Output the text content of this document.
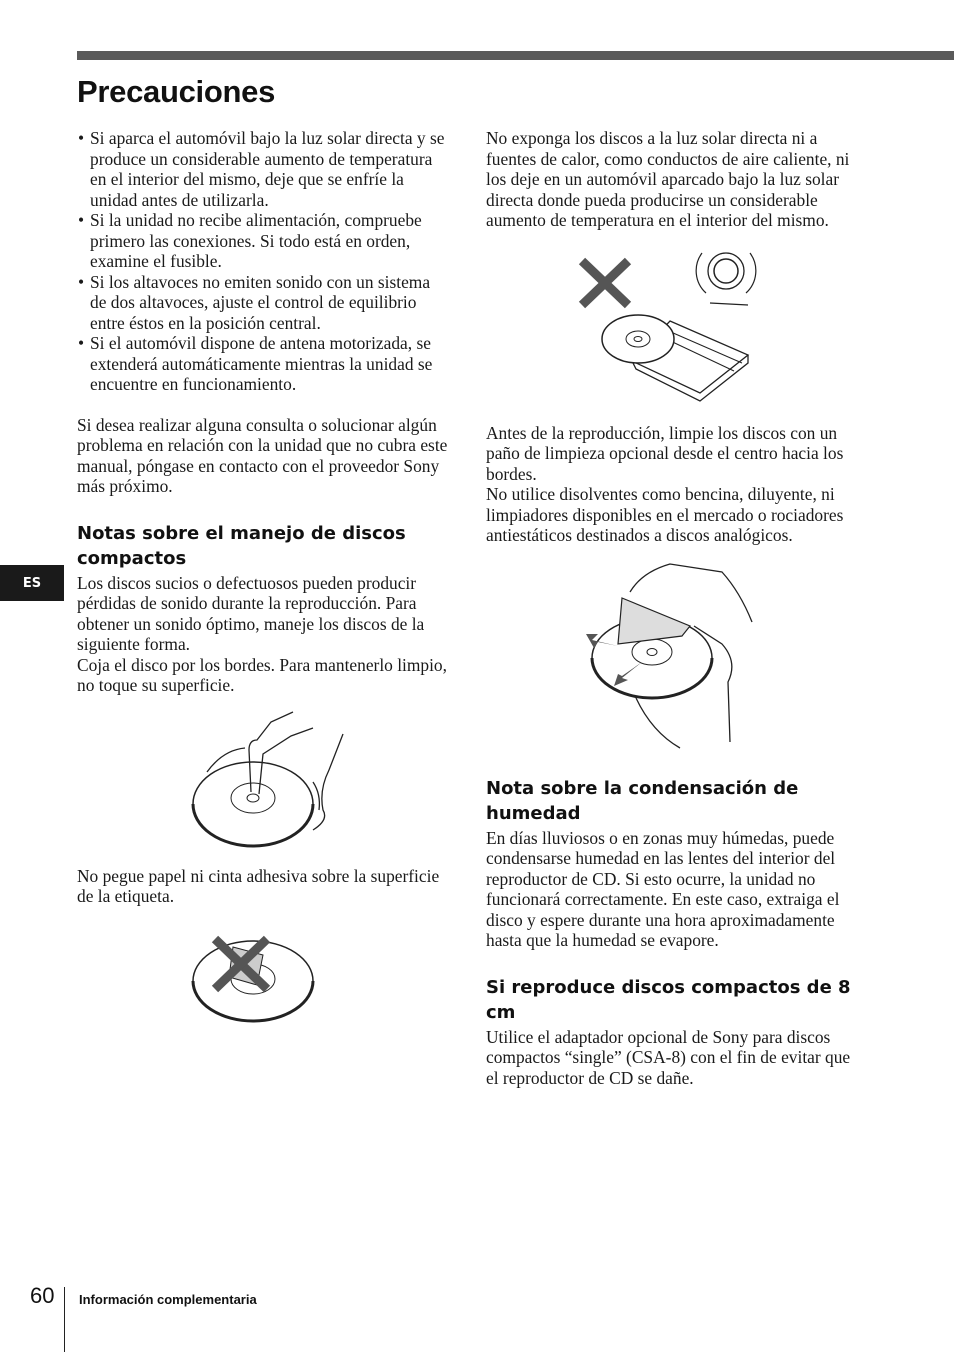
Precauciones
• Si aparca el automóvil bajo la luz solar directa y se produce un considerable aumento de temperatura en el interior del mismo, deje que se enfríe la unidad antes de utilizarla.
• Si la unidad no recibe alimentación, compruebe primero las conexiones. Si todo está en orden, examine el fusible.
• Si los altavoces no emiten sonido con un sistema de dos altavoces, ajuste el control de equilibrio entre éstos en la posición central.
• Si el automóvil dispone de antena motorizada, se extenderá automáticamente mientras la unidad se encuentre en funcionamiento.

Si desea realizar alguna consulta o solucionar algún problema en relación con la unidad que no cubra este manual, póngase en contacto con el proveedor Sony más próximo.

Notas sobre el manejo de discos compactos

Los discos sucios o defectuosos pueden producir pérdidas de sonido durante la reproducción. Para obtener un sonido óptimo, maneje los discos de la siguiente forma.

Coja el disco por los bordes. Para mantenerlo limpio, no toque su superficie.

No pegue papel ni cinta adhesiva sobre la superficie de la etiqueta.

No exponga los discos a la luz solar directa ni a fuentes de calor, como conductos de aire caliente, ni los deje en un automóvil aparcado bajo la luz solar directa donde pueda producirse un considerable aumento de temperatura en el interior del mismo.

Antes de la reproducción, limpie los discos con un paño de limpieza opcional desde el centro hacia los bordes.

No utilice disolventes como bencina, diluyente, ni limpiadores disponibles en el mercado o rociadores antiestáticos destinados a discos analógicos.

Nota sobre la condensación de humedad

En días lluviosos o en zonas muy húmedas, puede condensarse humedad en las lentes del interior del reproductor de CD. Si esto ocurre, la unidad no funcionará correctamente. En este caso, extraiga el disco y espere durante una hora aproximadamente hasta que la humedad se evapore.

Si reproduce discos compactos de 8 cm

Utilice el adaptador opcional de Sony para discos compactos “single” (CSA-8) con el fin de evitar que el reproductor de CD se dañe.

ES
60 Información complementaria
